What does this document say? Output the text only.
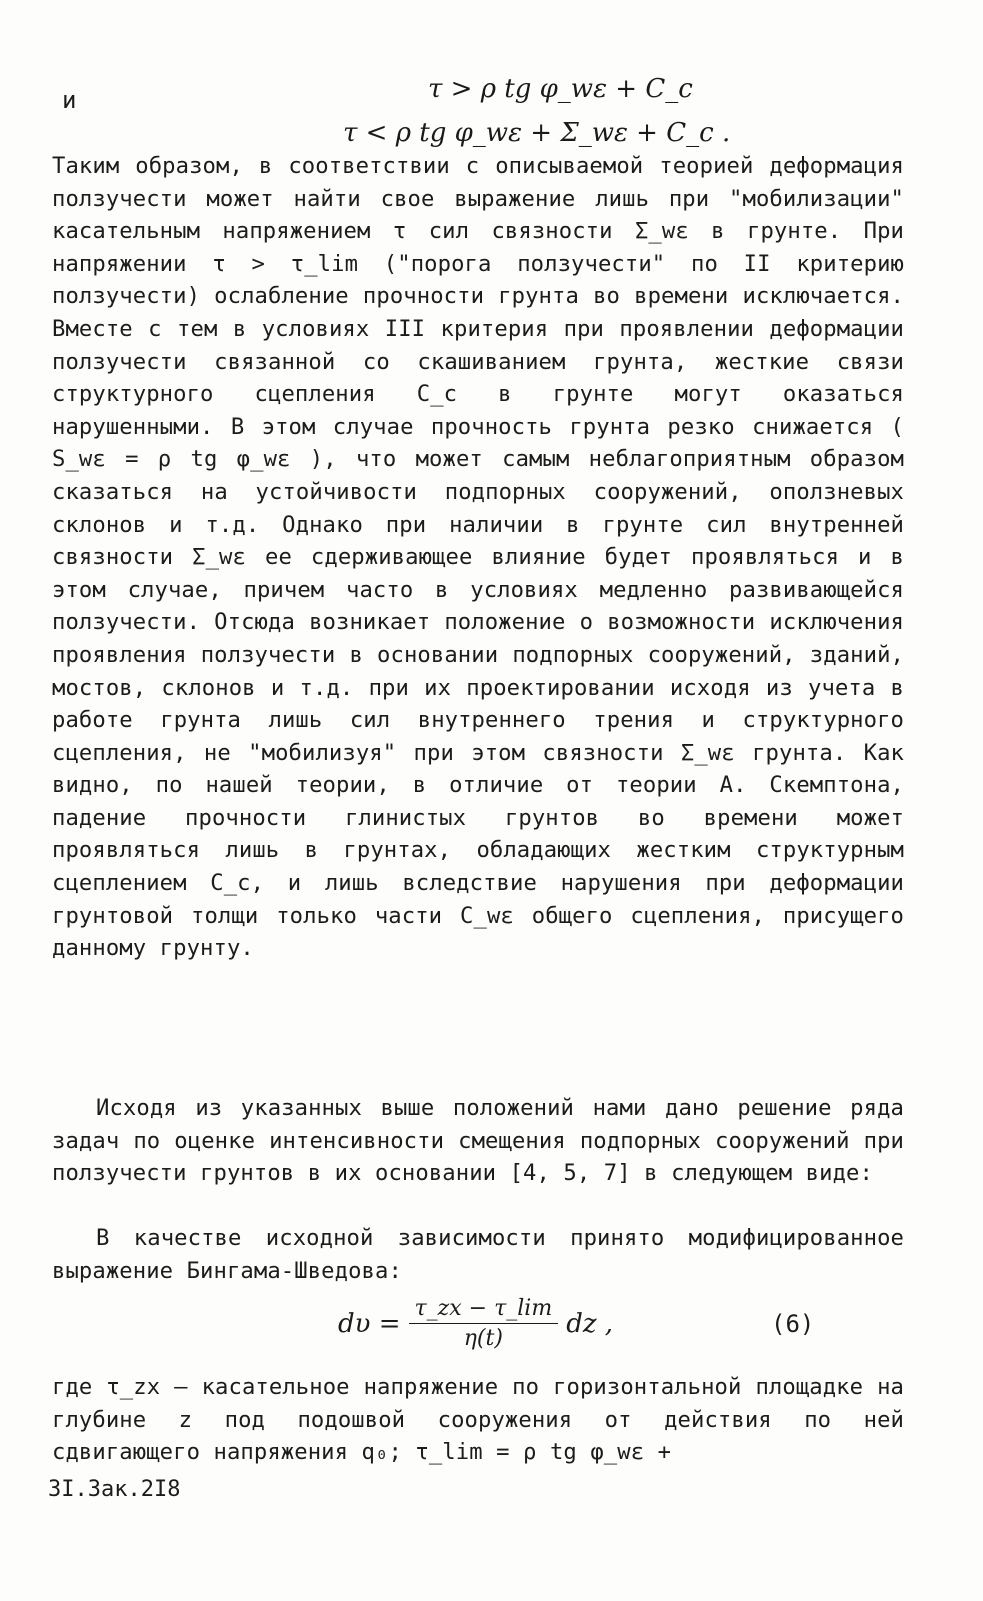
и	τ > ρ tg φ_wε + C_c
τ < ρ tg φ_wε + Σ_wε + C_c .
Таким образом, в соответствии с описываемой теорией деформация ползучести может найти свое выражение лишь при "мобилизации" касательным напряжением τ сил связности Σ_wε в грунте. При напряжении τ > τ_lim ("порога ползучести" по II критерию ползучести) ослабление прочности грунта во времени исключается. Вместе с тем в условиях III критерия при проявлении деформации ползучести связанной со скашиванием грунта, жесткие связи структурного сцепления C_c в грунте могут оказаться нарушенными. В этом случае прочность грунта резко снижается ( S_wε = ρ tg φ_wε ), что может самым неблагоприятным образом сказаться на устойчивости подпорных сооружений, оползневых склонов и т.д. Однако при наличии в грунте сил внутренней связности Σ_wε ее сдерживающее влияние будет проявляться и в этом случае, причем часто в условиях медленно развивающейся ползучести. Отсюда возникает положение о возможности исключения проявления ползучести в основании подпорных сооружений, зданий, мостов, склонов и т.д. при их проектировании исходя из учета в работе грунта лишь сил внутреннего трения и структурного сцепления, не "мобилизуя" при этом связности Σ_wε грунта. Как видно, по нашей теории, в отличие от теории А. Скемптона, падение прочности глинистых грунтов во времени может проявляться лишь в грунтах, обладающих жестким структурным сцеплением C_c, и лишь вследствие нарушения при деформации грунтовой толщи только части C_wε общего сцепления, присущего данному грунту.
Исходя из указанных выше положений нами дано решение ряда задач по оценке интенсивности смещения подпорных сооружений при ползучести грунтов в их основании [4, 5, 7] в следующем виде:
В качестве исходной зависимости принято модифицированное выражение Бингама-Шведова:
$d\upsilon = \frac{\tau\_zx - \tau\_\lim}{\eta(t)}$ dz ,	(6)
где τ_zx – касательное напряжение по горизонтальной площадке на глубине z под подошвой сооружения от действия по ней сдвигающего напряжения q₀; τ_lim = ρ tg φ_wε +
3I.Зак.2I8
